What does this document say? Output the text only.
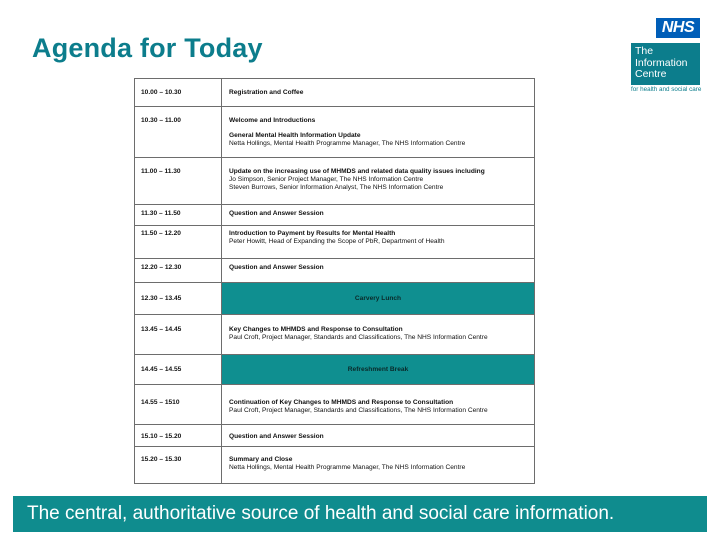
Agenda for Today
NHS
The
Information
Centre
for health and social care
10.00 – 10.30	Registration and Coffee
10.30 – 11.00	Welcome and Introductions
General Mental Health Information Update
Netta Hollings, Mental Health Programme Manager, The NHS Information Centre
11.00 – 11.30	Update on the increasing use of MHMDS and related data quality issues including
Jo Simpson, Senior Project Manager, The NHS Information Centre
Steven Burrows, Senior Information Analyst, The NHS Information Centre
11.30 – 11.50	Question and Answer Session
11.50 – 12.20	Introduction to Payment by Results for Mental Health
Peter Howitt, Head of Expanding the Scope of PbR, Department of Health
12.20 – 12.30	Question and Answer Session
12.30 – 13.45	Carvery Lunch
13.45 – 14.45	Key Changes to MHMDS and Response to Consultation
Paul Croft, Project Manager, Standards and Classifications, The NHS Information Centre
14.45 – 14.55	Refreshment Break
14.55 – 1510	Continuation of Key Changes to MHMDS and Response to Consultation
Paul Croft, Project Manager, Standards and Classifications, The NHS Information Centre
15.10 – 15.20	Question and Answer Session
15.20 – 15.30	Summary and Close
Netta Hollings, Mental Health Programme Manager, The NHS Information Centre
The central, authoritative source of health and social care information.
